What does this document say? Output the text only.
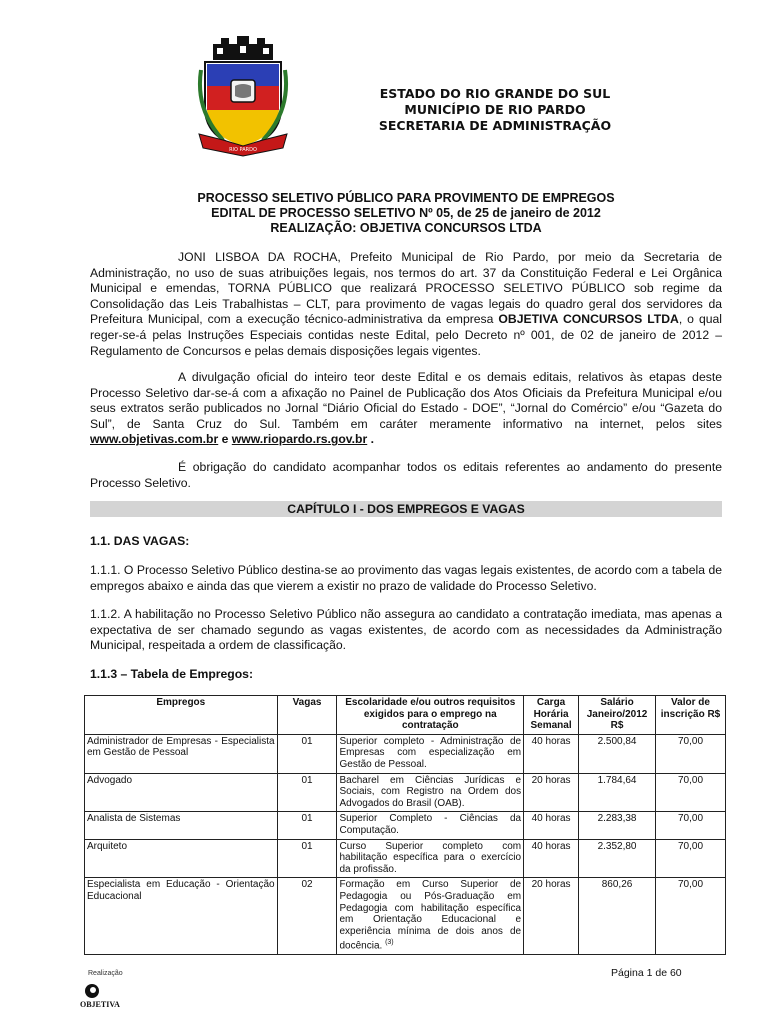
RIO PARDO
ESTADO DO RIO GRANDE DO SUL
MUNICÍPIO DE RIO PARDO
SECRETARIA DE ADMINISTRAÇÃO
PROCESSO SELETIVO PÚBLICO PARA PROVIMENTO DE EMPREGOS
EDITAL DE PROCESSO SELETIVO Nº 05, de 25 de janeiro de 2012
REALIZAÇÃO: OBJETIVA CONCURSOS LTDA
JONI LISBOA DA ROCHA, Prefeito Municipal de Rio Pardo, por meio da Secretaria de Administração, no uso de suas atribuições legais, nos termos do art. 37 da Constituição Federal e Lei Orgânica Municipal e emendas, TORNA PÚBLICO que realizará PROCESSO SELETIVO PÚBLICO sob regime da Consolidação das Leis Trabalhistas – CLT, para provimento de vagas legais do quadro geral dos servidores da Prefeitura Municipal, com a execução técnico-administrativa da empresa OBJETIVA CONCURSOS LTDA, o qual reger-se-á pelas Instruções Especiais contidas neste Edital, pelo Decreto nº 001, de 02 de janeiro de 2012 – Regulamento de Concursos e pelas demais disposições legais vigentes.
A divulgação oficial do inteiro teor deste Edital e os demais editais, relativos às etapas deste Processo Seletivo dar-se-á com a afixação no Painel de Publicação dos Atos Oficiais da Prefeitura Municipal e/ou seus extratos serão publicados no Jornal “Diário Oficial do Estado - DOE”, “Jornal do Comércio” e/ou “Gazeta do Sul”, de Santa Cruz do Sul. Também em caráter meramente informativo na internet, pelos sites www.objetivas.com.br e www.riopardo.rs.gov.br .
É obrigação do candidato acompanhar todos os editais referentes ao andamento do presente Processo Seletivo.
CAPÍTULO I - DOS EMPREGOS E VAGAS
1.1. DAS VAGAS:
1.1.1. O Processo Seletivo Público destina-se ao provimento das vagas legais existentes, de acordo com a tabela de empregos abaixo e ainda das que vierem a existir no prazo de validade do Processo Seletivo.
1.1.2. A habilitação no Processo Seletivo Público não assegura ao candidato a contratação imediata, mas apenas a expectativa de ser chamado segundo as vagas existentes, de acordo com as necessidades da Administração Municipal, respeitada a ordem de classificação.
1.1.3 – Tabela de Empregos:
Empregos	Vagas	Escolaridade e/ou outros requisitos exigidos para o emprego na contratação	Carga Horária Semanal	Salário Janeiro/2012 R$	Valor de inscrição R$
Administrador de Empresas - Especialista em Gestão de Pessoal	01	Superior completo - Administração de Empresas com especialização em Gestão de Pessoal.	40 horas	2.500,84	70,00
Advogado	01	Bacharel em Ciências Jurídicas e Sociais, com Registro na Ordem dos Advogados do Brasil (OAB).	20 horas	1.784,64	70,00
Analista de Sistemas	01	Superior Completo - Ciências da Computação.	40 horas	2.283,38	70,00
Arquiteto	01	Curso Superior completo com habilitação específica para o exercício da profissão.	40 horas	2.352,80	70,00
Especialista em Educação - Orientação Educacional	02	Formação em Curso Superior de Pedagogia ou Pós-Graduação em Pedagogia com habilitação específica em Orientação Educacional e experiência mínima de dois anos de docência. $^{(3)}$	20 horas	860,26	70,00
Realização
OBJETIVA
Página 1 de 60
